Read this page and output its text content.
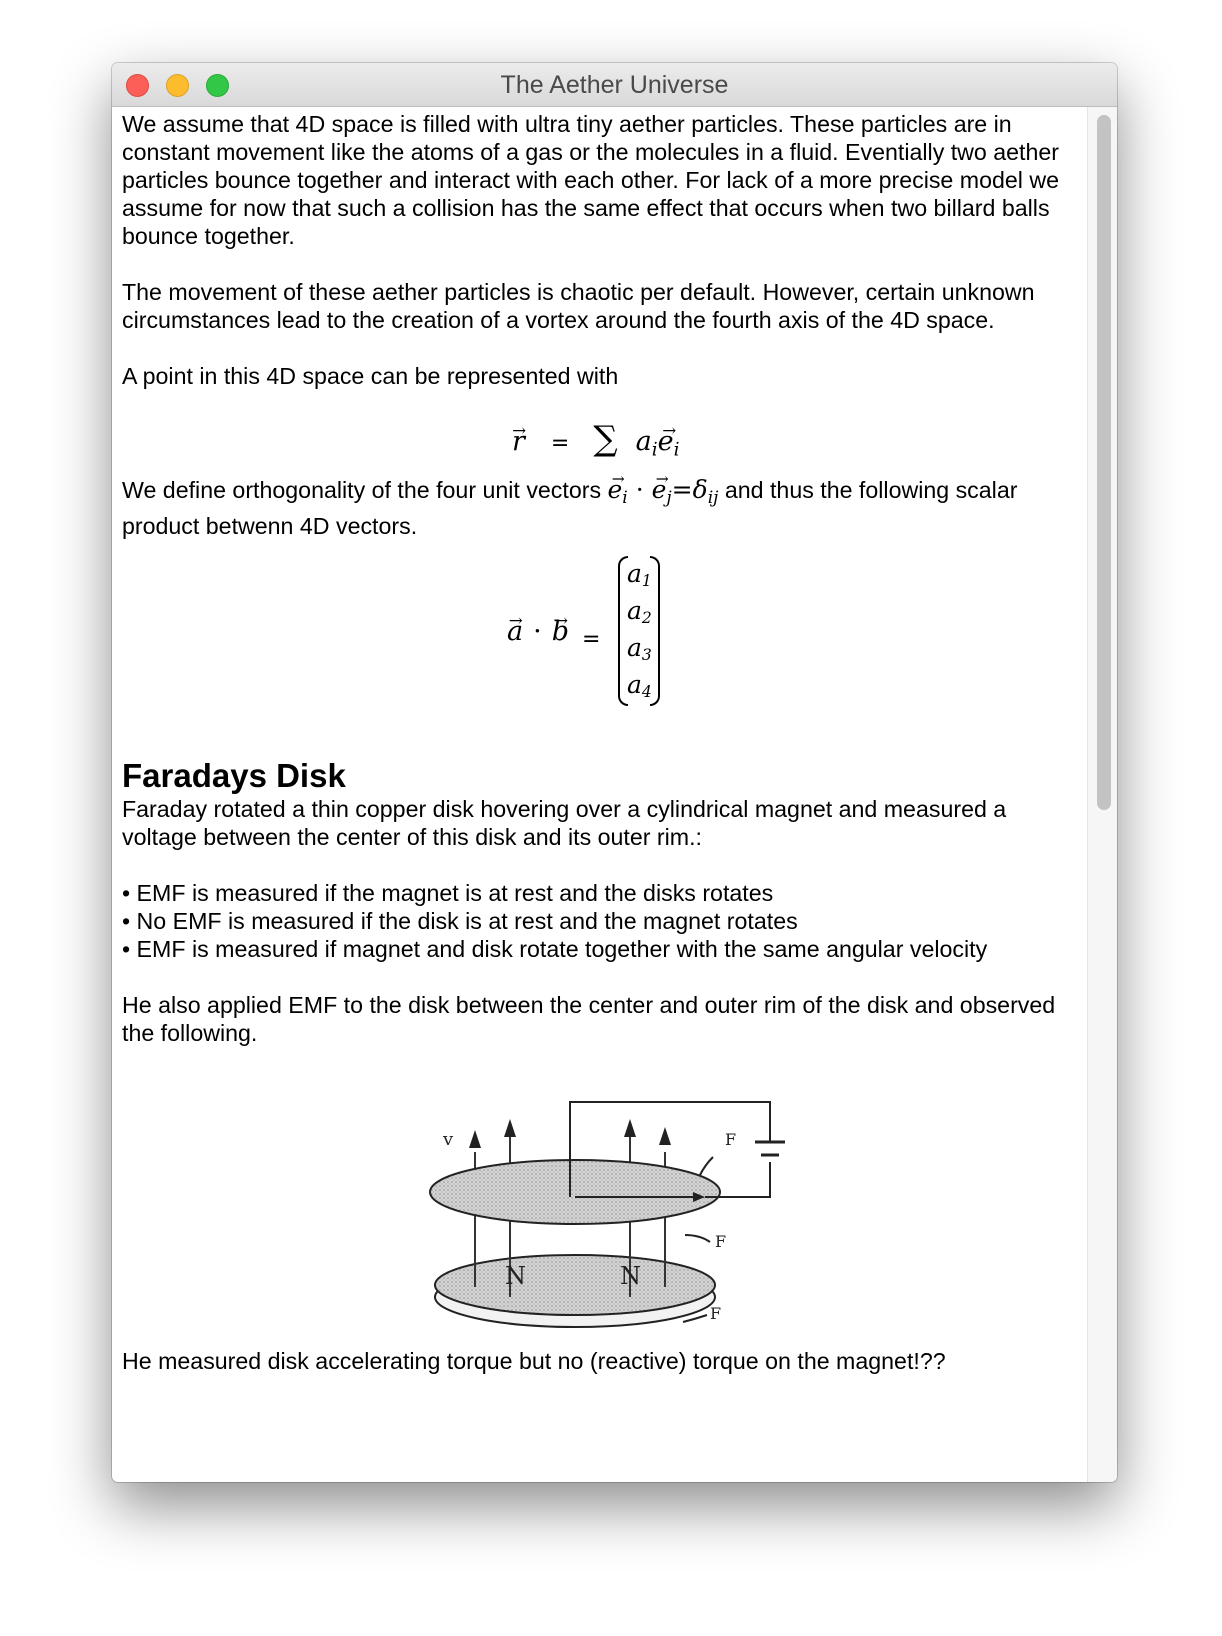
The Aether Universe

We assume that 4D space is filled with ultra tiny aether particles. These particles are in constant movement like the atoms of a gas or the molecules in a fluid. Eventially two aether particles bounce together and interact with each other. For lack of a more precise model we assume for now that such a collision has the same effect that occurs when two billard balls bounce together.

The movement of these aether particles is chaotic per default. However, certain unknown circumstances lead to the creation of a vortex around the fourth axis of the 4D space.

A point in this 4D space can be represented with

→ r = ∑ $a_i\to e_i$

We define orthogonality of the four unit vectors → $e_i$ · → $e_j=\delta_{ij}$ and thus the following scalar product betwenn 4D vectors.

→ a · → b =
$a_1$
$a_2$
$a_3$
$a_4$
Faradays Disk

Faraday rotated a thin copper disk hovering over a cylindrical magnet and measured a voltage between the center of this disk and its outer rim.:

• EMF is measured if the magnet is at rest and the disks rotates

• No EMF is measured if the disk is at rest and the magnet rotates

• EMF is measured if magnet and disk rotate together with the same angular velocity

He also applied EMF to the disk between the center and outer rim of the disk and observed the following.

v
N	N
F
F
F

He measured disk accelerating torque but no (reactive) torque on the magnet!??
